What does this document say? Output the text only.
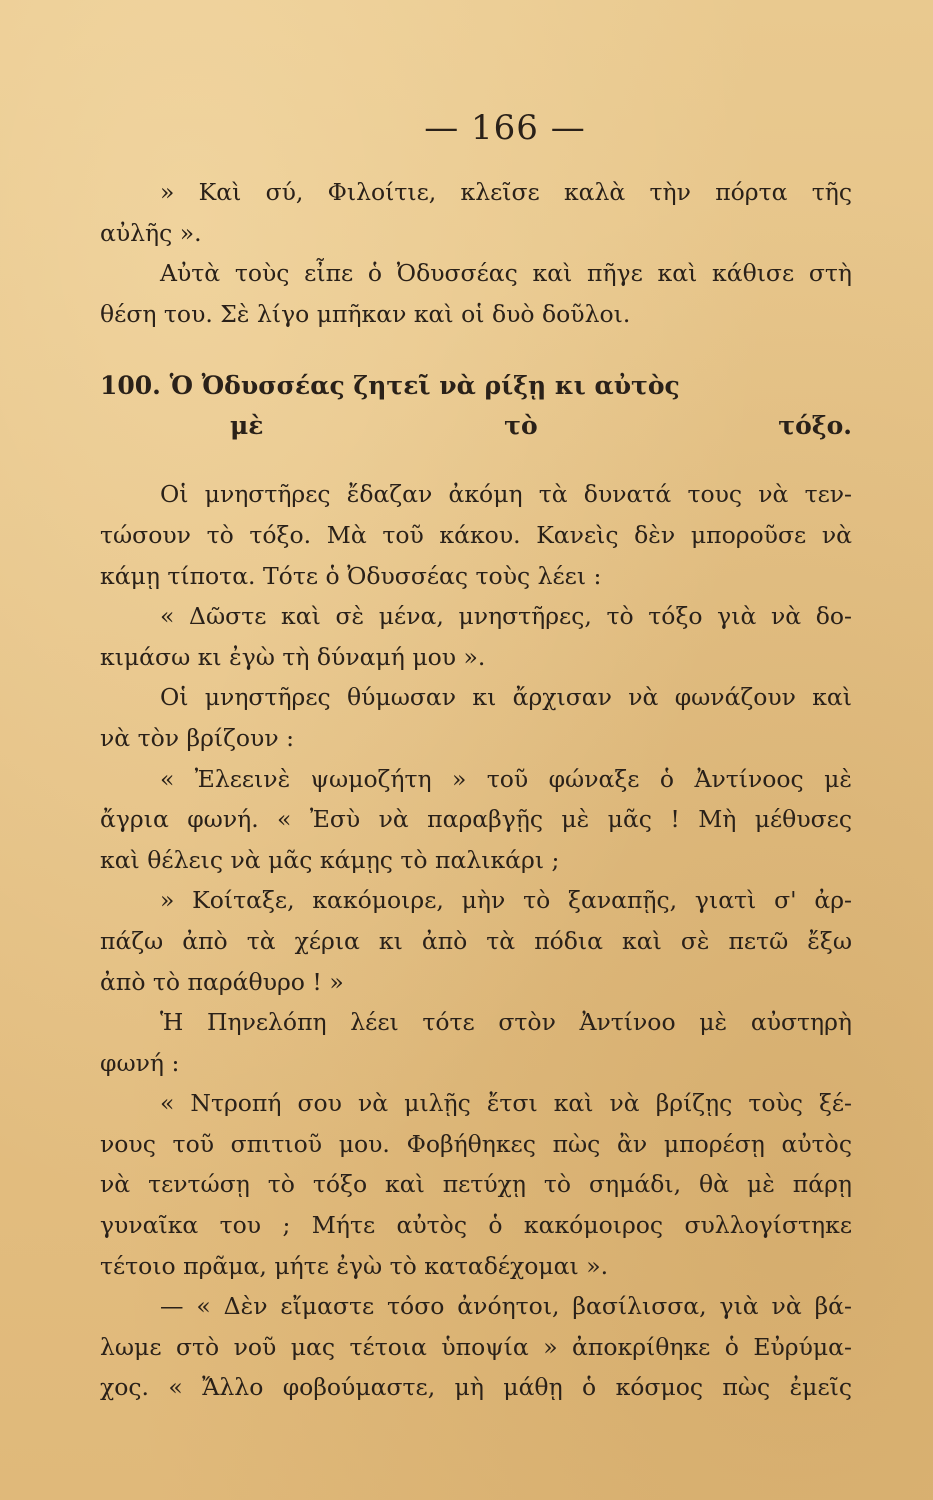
— 166 —
» Καὶ σύ, Φιλοίτιε, κλεῖσε καλὰ τὴν πόρτα τῆς
αὐλῆς ».
Αὐτὰ τοὺς εἶπε ὁ Ὀδυσσέας καὶ πῆγε καὶ κάθισε στὴ
θέση του. Σὲ λίγο μπῆκαν καὶ οἱ δυὸ δοῦλοι.
100. Ὁ Ὀδυσσέας ζητεῖ νὰ ρίξῃ κι αὐτὸς
μὲ τὸ τόξο.
Οἱ μνηστῆρες ἔδαζαν ἀκόμη τὰ δυνατά τους νὰ τεν-
τώσουν τὸ τόξο. Μὰ τοῦ κάκου. Κανεὶς δὲν μποροῦσε νὰ
κάμῃ τίποτα. Τότε ὁ Ὀδυσσέας τοὺς λέει :
« Δῶστε καὶ σὲ μένα, μνηστῆρες, τὸ τόξο γιὰ νὰ δο-
κιμάσω κι ἐγὼ τὴ δύναμή μου ».
Οἱ μνηστῆρες θύμωσαν κι ἄρχισαν νὰ φωνάζουν καὶ
νὰ τὸν βρίζουν :
« Ἐλεεινὲ ψωμοζήτη » τοῦ φώναξε ὁ Ἀντίνοος μὲ
ἄγρια φωνή. « Ἐσὺ νὰ παραβγῇς μὲ μᾶς ! Μὴ μέθυσες
καὶ θέλεις νὰ μᾶς κάμῃς τὸ παλικάρι ;
» Κοίταξε, κακόμοιρε, μὴν τὸ ξαναπῇς, γιατὶ σ' ἀρ-
πάζω ἀπὸ τὰ χέρια κι ἀπὸ τὰ πόδια καὶ σὲ πετῶ ἔξω
ἀπὸ τὸ παράθυρο ! »
Ἡ Πηνελόπη λέει τότε στὸν Ἀντίνοο μὲ αὐστηρὴ
φωνή :
« Ντροπή σου νὰ μιλῇς ἔτσι καὶ νὰ βρίζῃς τοὺς ξέ-
νους τοῦ σπιτιοῦ μου. Φοβήθηκες πὼς ἂν μπορέσῃ αὐτὸς
νὰ τεντώσῃ τὸ τόξο καὶ πετύχῃ τὸ σημάδι, θὰ μὲ πάρῃ
γυναῖκα του ; Μήτε αὐτὸς ὁ κακόμοιρος συλλογίστηκε
τέτοιο πρᾶμα, μήτε ἐγὼ τὸ καταδέχομαι ».
— « Δὲν εἴμαστε τόσο ἀνόητοι, βασίλισσα, γιὰ νὰ βά-
λωμε στὸ νοῦ μας τέτοια ὑποψία » ἀποκρίθηκε ὁ Εὐρύμα-
χος. « Ἄλλο φοβούμαστε, μὴ μάθῃ ὁ κόσμος πὼς ἐμεῖς
